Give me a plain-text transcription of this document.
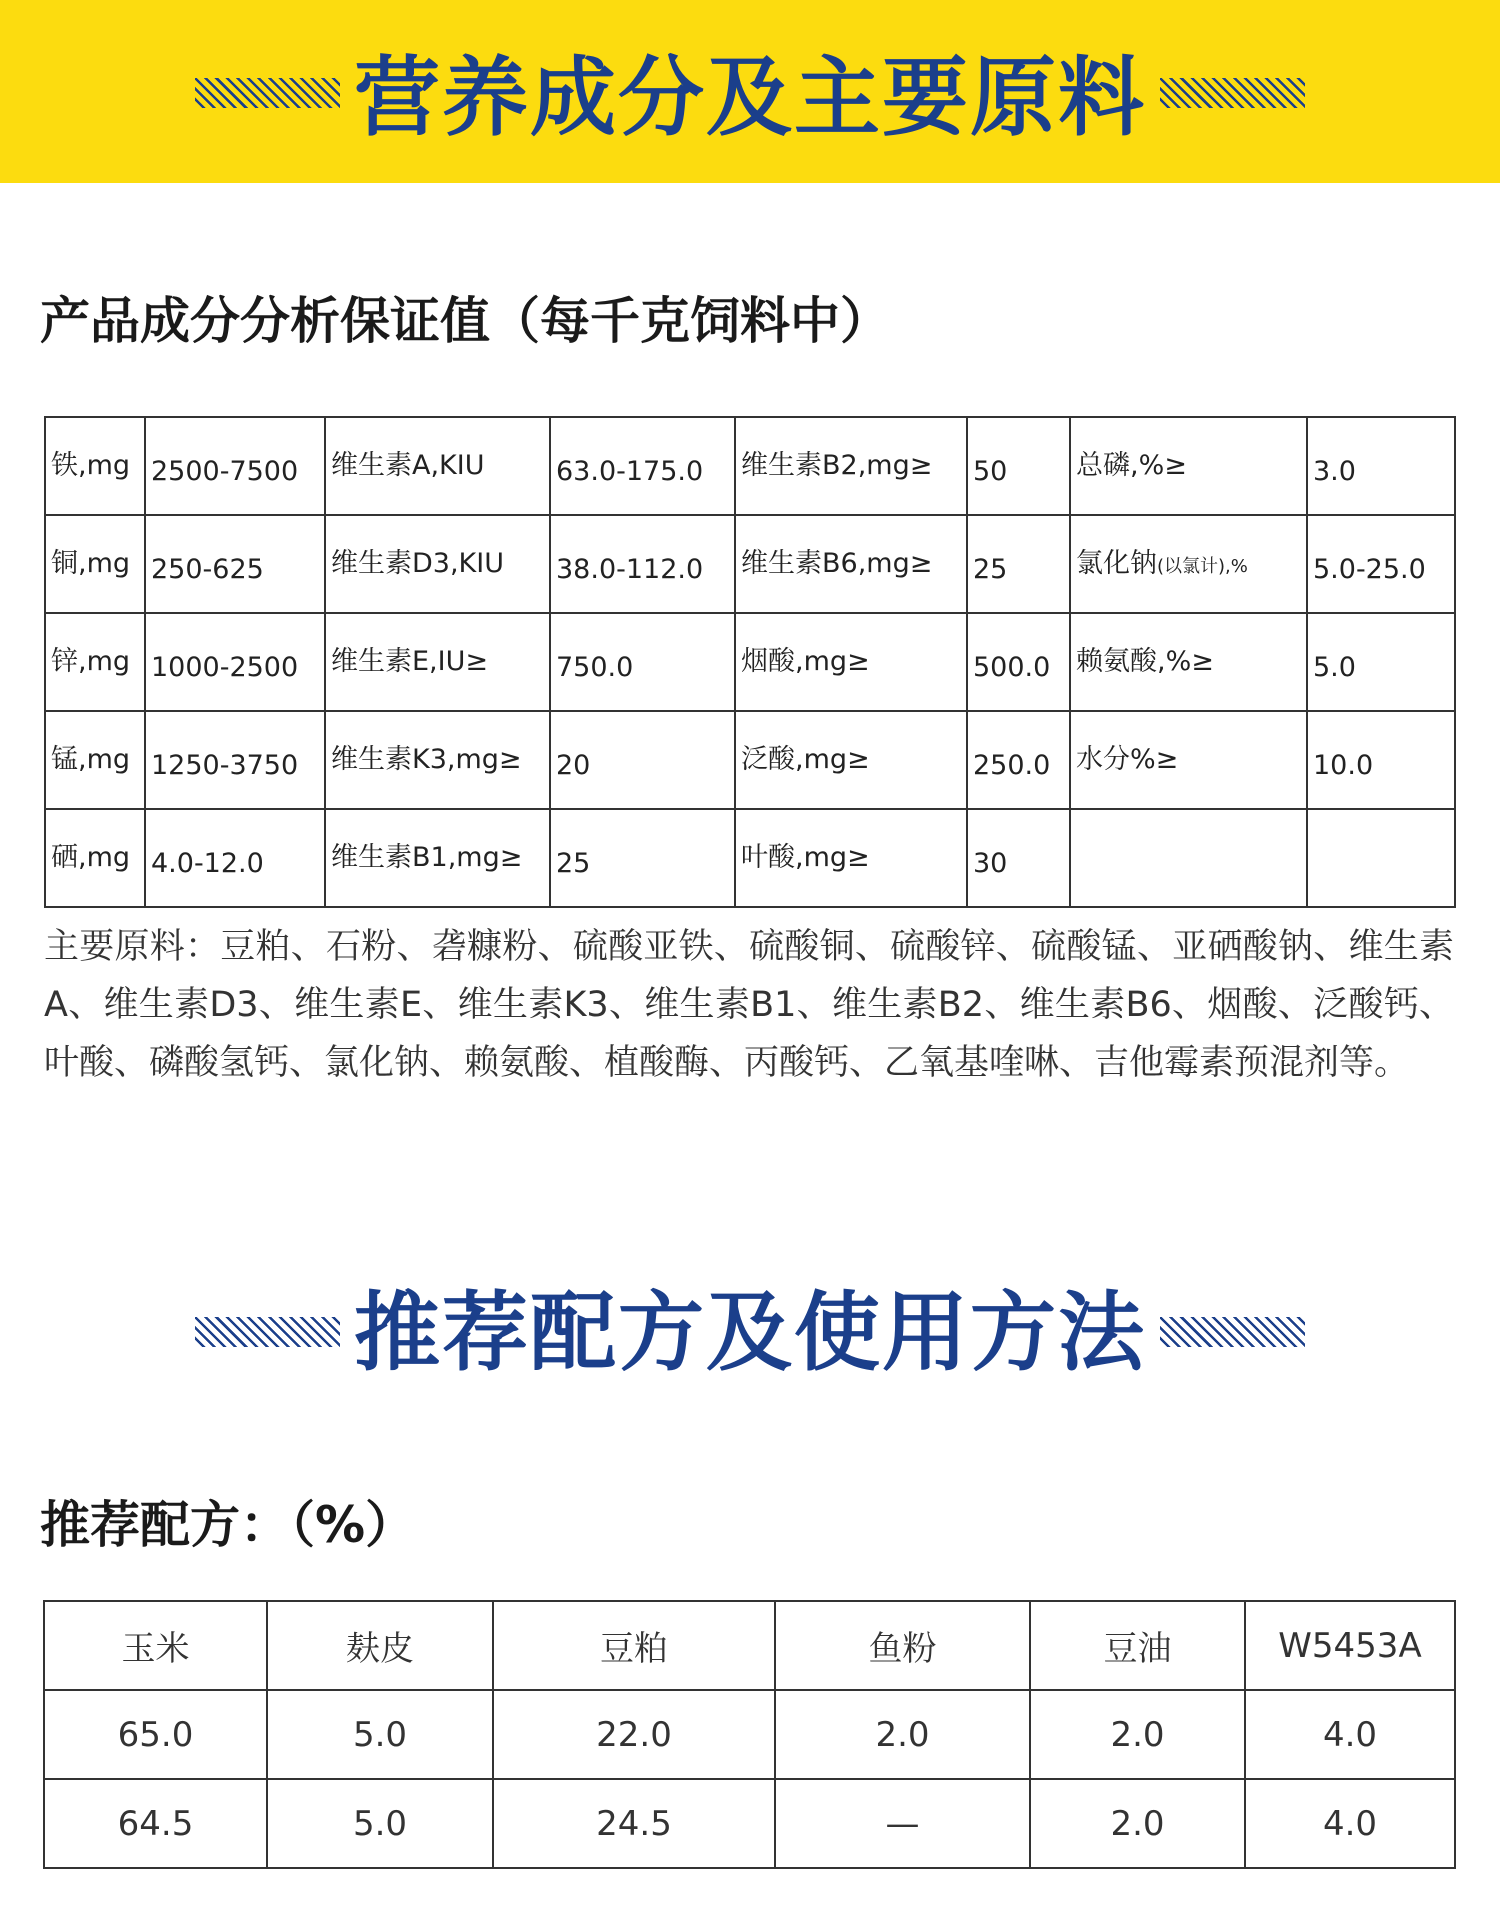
营养成分及主要原料
产品成分分析保证值（每千克饲料中）
铁,mg	2500-7500	维生素A,KIU	63.0-175.0	维生素B2,mg≥	50	总磷,%≥	3.0
铜,mg	250-625	维生素D3,KIU	38.0-112.0	维生素B6,mg≥	25	氯化钠(以氯计),%	5.0-25.0
锌,mg	1000-2500	维生素E,IU≥	750.0	烟酸,mg≥	500.0	赖氨酸,%≥	5.0
锰,mg	1250-3750	维生素K3,mg≥	20	泛酸,mg≥	250.0	水分%≥	10.0
硒,mg	4.0-12.0	维生素B1,mg≥	25	叶酸,mg≥	30		
主要原料：豆粕、石粉、砻糠粉、硫酸亚铁、硫酸铜、硫酸锌、硫酸锰、亚硒酸钠、维生素A、维生素D3、维生素E、维生素K3、维生素B1、维生素B2、维生素B6、烟酸、泛酸钙、叶酸、磷酸氢钙、氯化钠、赖氨酸、植酸酶、丙酸钙、乙氧基喹啉、吉他霉素预混剂等。
推荐配方及使用方法
推荐配方：（%）
玉米	麸皮	豆粕	鱼粉	豆油	W5453A
65.0	5.0	22.0	2.0	2.0	4.0
64.5	5.0	24.5	—	2.0	4.0
